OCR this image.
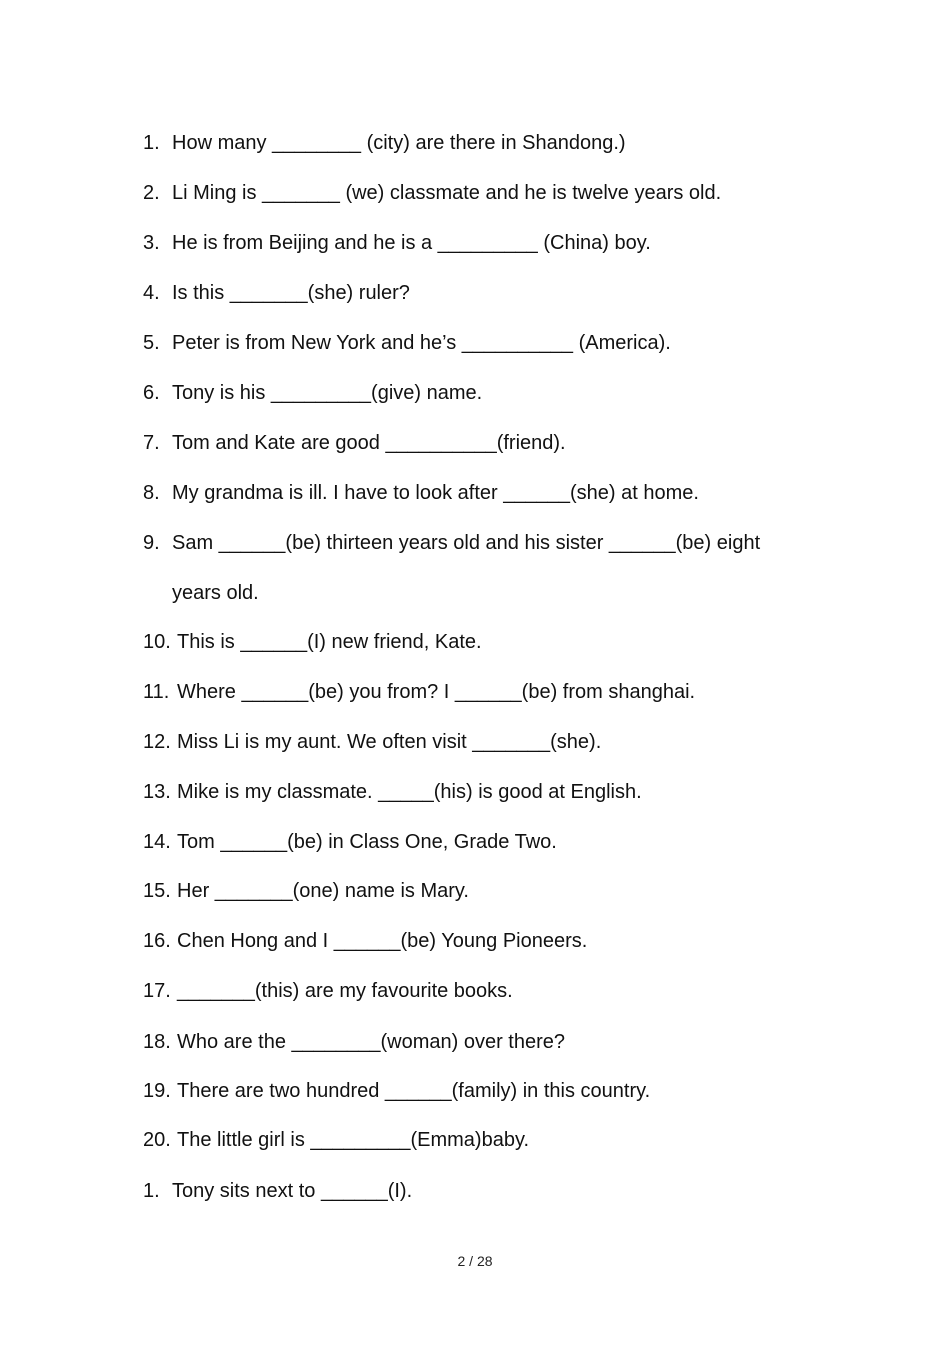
1. How many ________ (city) are there in Shandong.)
2. Li Ming is _______ (we) classmate and he is twelve years old.
3. He is from Beijing and he is a _________ (China) boy.
4. Is this _______(she) ruler?
5. Peter is from New York and he’s __________ (America).
6. Tony is his _________(give) name.
7. Tom and Kate are good __________(friend).
8. My grandma is ill. I have to look after ______(she) at home.
9. Sam ______(be) thirteen years old and his sister ______(be) eight
years old.
10. This is ______(I) new friend, Kate.
11. Where ______(be) you from? I ______(be) from shanghai.
12. Miss Li is my aunt. We often visit _______(she).
13. Mike is my classmate. _____(his) is good at English.
14. Tom ______(be) in Class One, Grade Two.
15. Her _______(one) name is Mary.
16. Chen Hong and I ______(be) Young Pioneers.
17. _______(this) are my favourite books.
18. Who are the ________(woman) over there?
19. There are two hundred ______(family) in this country.
20. The little girl is _________(Emma)baby.
1. Tony sits next to ______(I).
2 / 28
